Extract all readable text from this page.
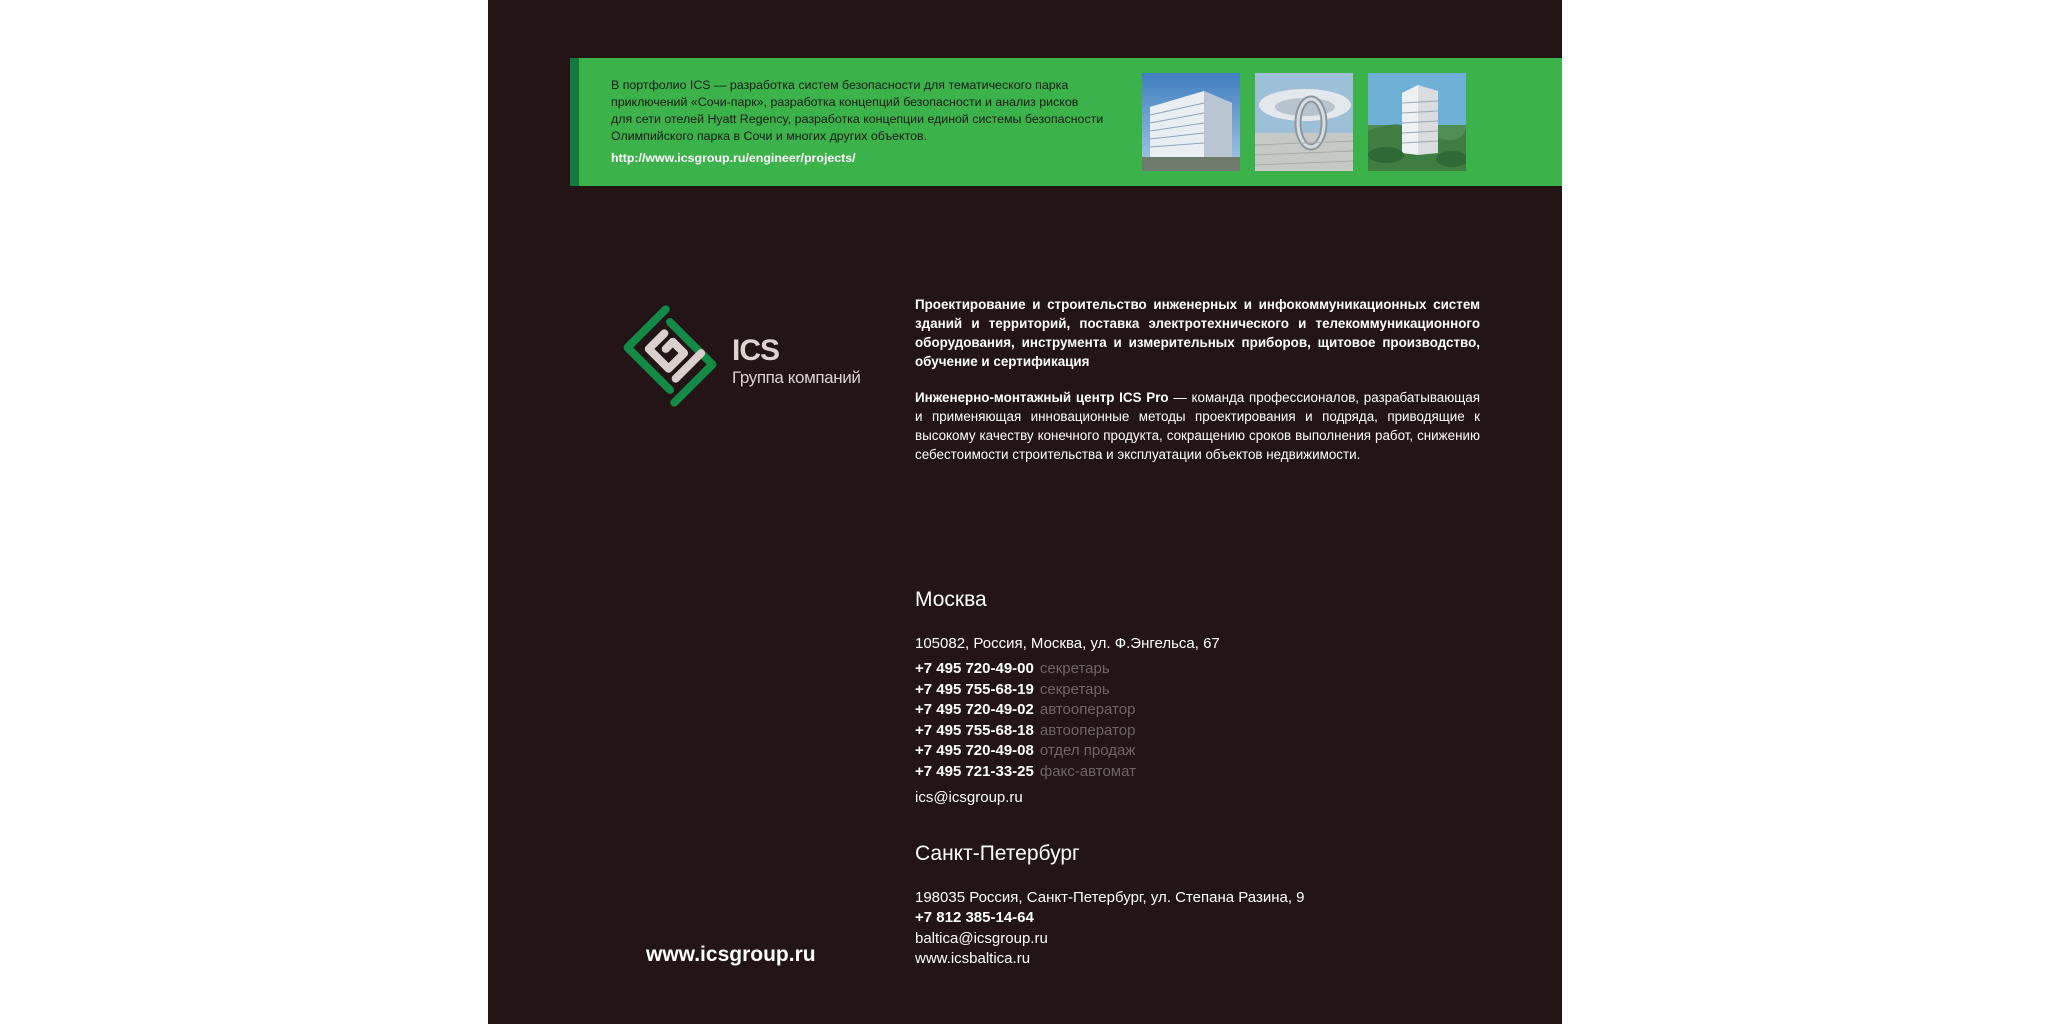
В портфолио ICS — разработка систем безопасности для тематического парка

приключений «Сочи-парк», разработка концепций безопасности и анализ рисков

для сети отелей Hyatt Regency, разработка концепции единой системы безопасности

Олимпийского парка в Сочи и многих других объектов.

http://www.icsgroup.ru/engineer/projects/
ICS
Группа компаний

Проектирование и строительство инженерных и инфокоммуникационных систем зданий и территорий, поставка электротехнического и телекоммуникационного оборудования, инструмента и измерительных приборов, щитовое производство, обучение и сертификация

Инженерно-монтажный центр ICS Pro — команда профессионалов, разрабатывающая и применяющая инновационные методы проектирования и подряда, приводящие к высокому качеству конечного продукта, сокращению сроков выполнения работ, снижению себестоимости строительства и эксплуатации объектов недвижимости.

Москва
105082, Россия, Москва, ул. Ф.Энгельса, 67
+7 495 720-49-00 секретарь
+7 495 755-68-19 секретарь
+7 495 720-49-02 автооператор
+7 495 755-68-18 автооператор
+7 495 720-49-08 отдел продаж
+7 495 721-33-25 факс-автомат
ics@icsgroup.ru
Санкт-Петербург
198035 Россия, Санкт-Петербург, ул. Степана Разина, 9
+7 812 385-14-64
baltica@icsgroup.ru
www.icsbaltica.ru
www.icsgroup.ru
